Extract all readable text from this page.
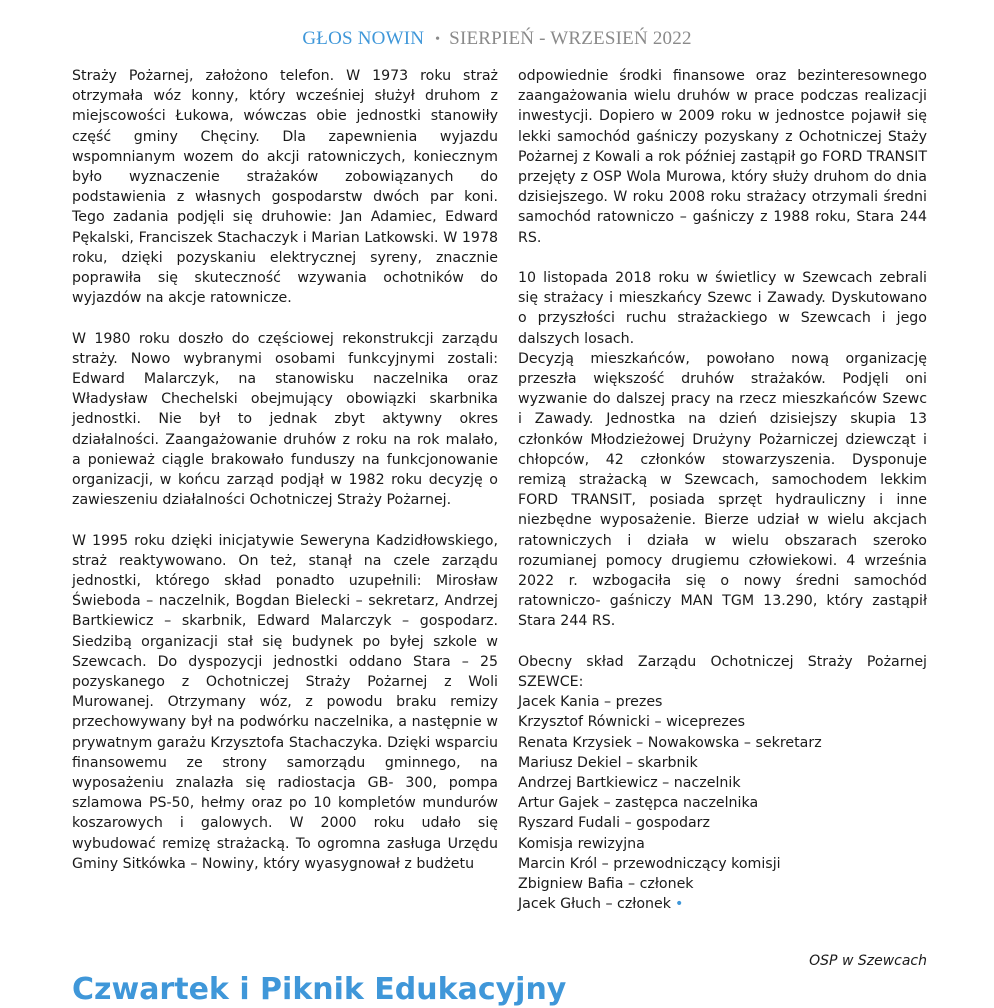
GŁOS NOWIN • SIERPIEŃ - WRZESIEŃ 2022

Straży Pożarnej, założono telefon. W 1973 roku straż otrzymała wóz konny, który wcześniej służył druhom z miejscowości Łukowa, wówczas obie jednostki stanowiły część gminy Chęciny. Dla zapewnienia wyjazdu wspomnianym wozem do akcji ratowniczych, koniecznym było wyznaczenie strażaków zobowiązanych do podstawienia z własnych gospodarstw dwóch par koni. Tego zadania podjęli się druhowie: Jan Adamiec, Edward Pękalski, Franciszek Stachaczyk i Marian Latkowski. W 1978 roku, dzięki pozyskaniu elektrycznej syreny, znacznie poprawiła się skuteczność wzywania ochotników do wyjazdów na akcje ratownicze.

W 1980 roku doszło do częściowej rekonstrukcji zarządu straży. Nowo wybranymi osobami funkcyjnymi zostali: Edward Malarczyk, na stanowisku naczelnika oraz Władysław Chechelski obejmujący obowiązki skarbnika jednostki. Nie był to jednak zbyt aktywny okres działalności. Zaangażowanie druhów z roku na rok malało, a ponieważ ciągle brakowało funduszy na funkcjonowanie organizacji, w końcu zarząd podjął w 1982 roku decyzję o zawieszeniu działalności Ochotniczej Straży Pożarnej.

W 1995 roku dzięki inicjatywie Seweryna Kadzidłowskiego, straż reaktywowano. On też, stanął na czele zarządu jednostki, którego skład ponadto uzupełnili: Mirosław Świeboda – naczelnik, Bogdan Bielecki – sekretarz, Andrzej Bartkiewicz – skarbnik, Edward Malarczyk – gospodarz. Siedzibą organizacji stał się budynek po byłej szkole w Szewcach. Do dyspozycji jednostki oddano Stara – 25 pozyskanego z Ochotniczej Straży Pożarnej z Woli Murowanej. Otrzymany wóz, z powodu braku remizy przechowywany był na podwórku naczelnika, a następnie w prywatnym garażu Krzysztofa Stachaczyka. Dzięki wsparciu finansowemu ze strony samorządu gminnego, na wyposażeniu znalazła się radiostacja GB- 300, pompa szlamowa PS-50, hełmy oraz po 10 kompletów mundurów koszarowych i galowych. W 2000 roku udało się wybudować remizę strażacką. To ogromna zasługa Urzędu Gminy Sitkówka – Nowiny, który wyasygnował z budżetu

odpowiednie środki finansowe oraz bezinteresownego zaangażowania wielu druhów w prace podczas realizacji inwestycji. Dopiero w 2009 roku w jednostce pojawił się lekki samochód gaśniczy pozyskany z Ochotniczej Staży Pożarnej z Kowali a rok później zastąpił go FORD TRANSIT przejęty z OSP Wola Murowa, który służy druhom do dnia dzisiejszego. W roku 2008 roku strażacy otrzymali średni samochód ratowniczo – gaśniczy z 1988 roku, Stara 244 RS.

10 listopada 2018 roku w świetlicy w Szewcach zebrali się strażacy i mieszkańcy Szewc i Zawady. Dyskutowano o przyszłości ruchu strażackiego w Szewcach i jego dalszych losach.

Decyzją mieszkańców, powołano nową organizację przeszła większość druhów strażaków. Podjęli oni wyzwanie do dalszej pracy na rzecz mieszkańców Szewc i Zawady. Jednostka na dzień dzisiejszy skupia 13 członków Młodzieżowej Drużyny Pożarniczej dziewcząt i chłopców, 42 członków stowarzyszenia. Dysponuje remizą strażacką w Szewcach, samochodem lekkim FORD TRANSIT, posiada sprzęt hydrauliczny i inne niezbędne wyposażenie. Bierze udział w wielu akcjach ratowniczych i działa w wielu obszarach szeroko rozumianej pomocy drugiemu człowiekowi. 4 września 2022 r. wzbogaciła się o nowy średni samochód ratowniczo- gaśniczy MAN TGM 13.290, który zastąpił Stara 244 RS.

Obecny skład Zarządu Ochotniczej Straży Pożarnej SZEWCE:

Jacek Kania – prezes
Krzysztof Równicki – wiceprezes
Renata Krzysiek – Nowakowska – sekretarz
Mariusz Dekiel – skarbnik
Andrzej Bartkiewicz – naczelnik
Artur Gajek – zastępca naczelnika
Ryszard Fudali – gospodarz
Komisja rewizyjna
Marcin Król – przewodniczący komisji
Zbigniew Bafia – członek
Jacek Głuch – członek •
OSP w Szewcach
Czwartek i Piknik Edukacyjny
